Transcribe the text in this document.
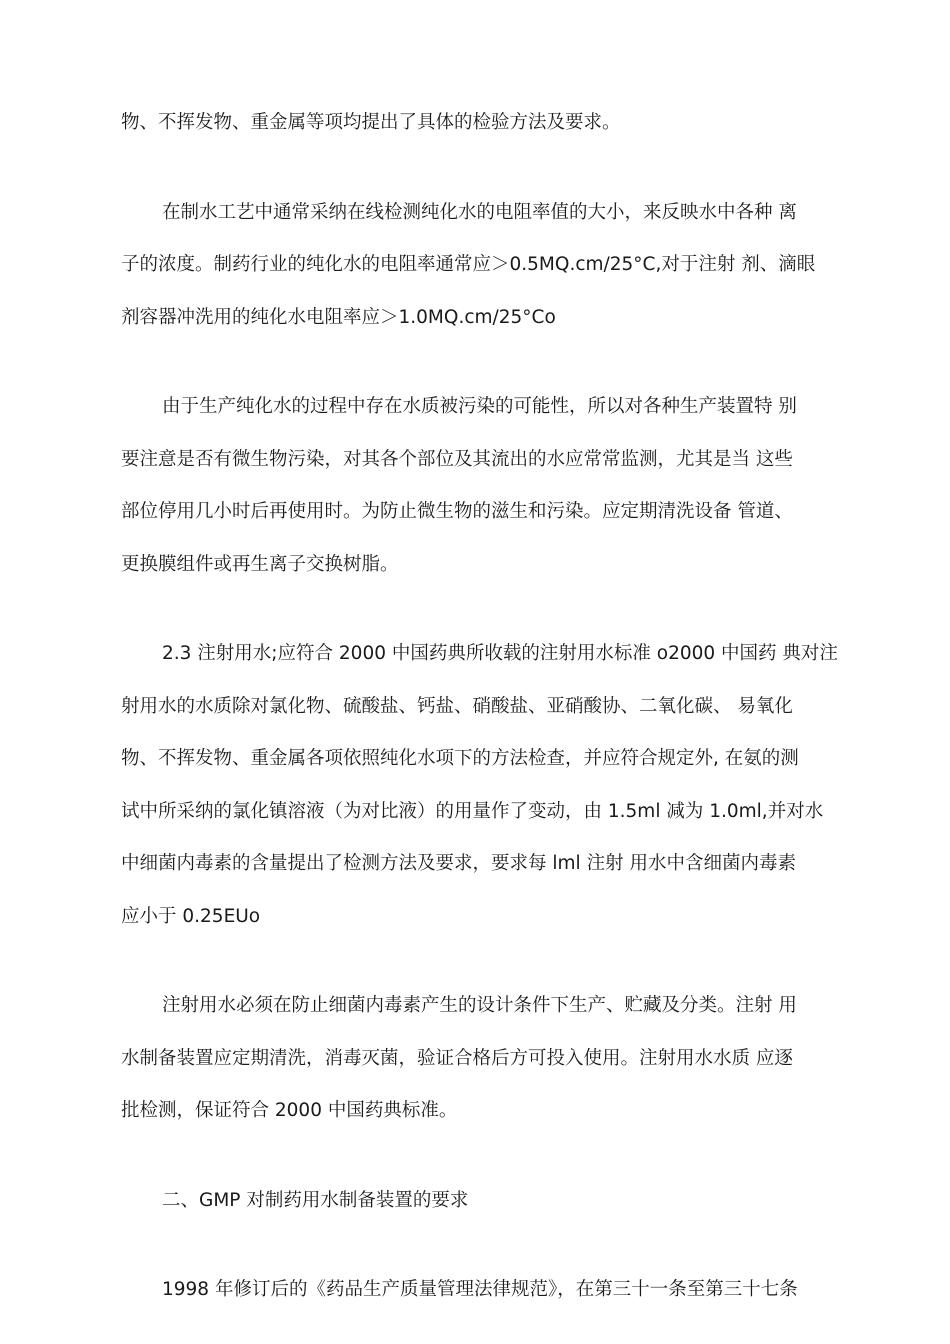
物、不挥发物、重金属等项均提出了具体的检验方法及要求。

在制水工艺中通常采纳在线检测纯化水的电阻率值的大小，来反映水中各种 离
子的浓度。制药行业的纯化水的电阻率通常应＞0.5MQ.cm/25°C,对于注射 剂、滴眼
剂容器冲洗用的纯化水电阻率应＞1.0MQ.cm/25°Co

由于生产纯化水的过程中存在水质被污染的可能性，所以对各种生产装置特 别
要注意是否有微生物污染，对其各个部位及其流出的水应常常监测，尤其是当 这些
部位停用几小时后再使用时。为防止微生物的滋生和污染。应定期清洗设备 管道、
更换膜组件或再生离子交换树脂。

2.3 注射用水;应符合 2000 中国药典所收载的注射用水标准 o2000 中国药 典对注
射用水的水质除对氯化物、硫酸盐、钙盐、硝酸盐、亚硝酸协、二氧化碳、 易氧化
物、不挥发物、重金属各项依照纯化水项下的方法检查，并应符合规定外, 在氨的测
试中所采纳的氯化镇溶液（为对比液）的用量作了变动，由 1.5ml 减为 1.0ml,并对水
中细菌内毒素的含量提出了检测方法及要求，要求每 lml 注射 用水中含细菌内毒素
应小于 0.25EUo

注射用水必须在防止细菌内毒素产生的设计条件下生产、贮藏及分类。注射 用
水制备装置应定期清洗，消毒灭菌，验证合格后方可投入使用。注射用水水质 应逐
批检测，保证符合 2000 中国药典标准。

二、GMP 对制药用水制备装置的要求

1998 年修订后的《药品生产质量管理法律规范》，在第三十一条至第三十七条
